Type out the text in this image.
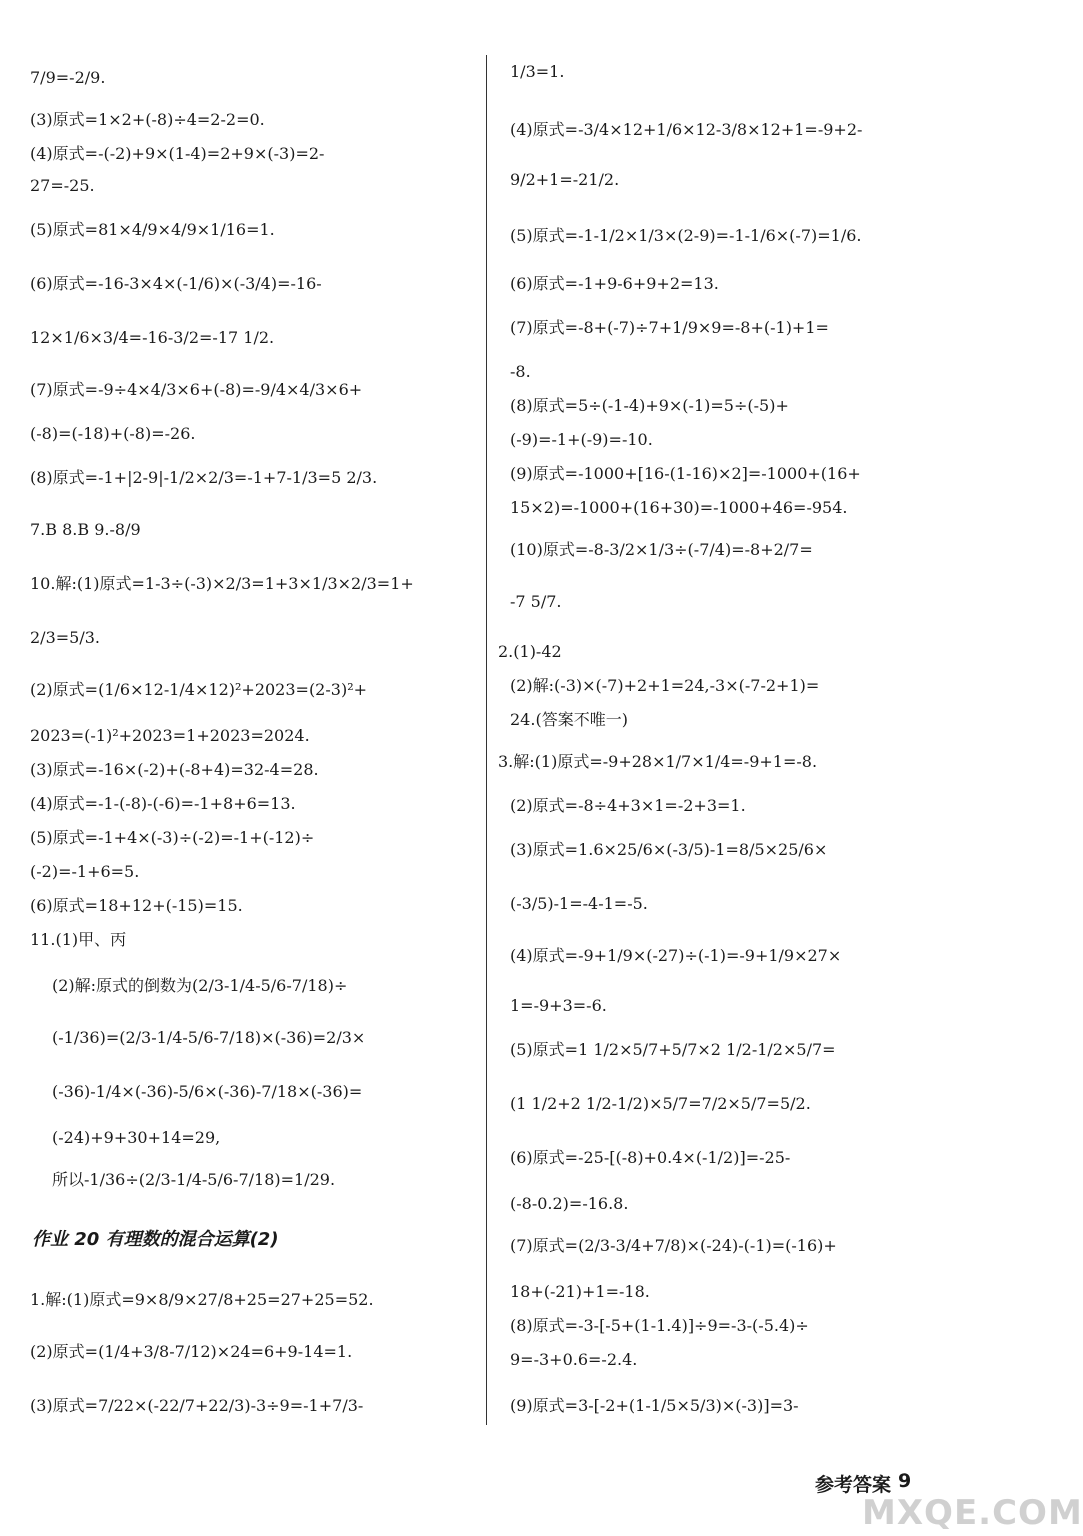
7/9=-2/9.
(3)原式=1×2+(-8)÷4=2-2=0.
(4)原式=-(-2)+9×(1-4)=2+9×(-3)=2-
27=-25.
(5)原式=81×4/9×4/9×1/16=1.
(6)原式=-16-3×4×(-1/6)×(-3/4)=-16-
12×1/6×3/4=-16-3/2=-17 1/2.
(7)原式=-9÷4×4/3×6+(-8)=-9/4×4/3×6+
(-8)=(-18)+(-8)=-26.
(8)原式=-1+|2-9|-1/2×2/3=-1+7-1/3=5 2/3.
7.B 8.B 9.-8/9
10.解:(1)原式=1-3÷(-3)×2/3=1+3×1/3×2/3=1+
2/3=5/3.
(2)原式=(1/6×12-1/4×12)²+2023=(2-3)²+
2023=(-1)²+2023=1+2023=2024.
(3)原式=-16×(-2)+(-8+4)=32-4=28.
(4)原式=-1-(-8)-(-6)=-1+8+6=13.
(5)原式=-1+4×(-3)÷(-2)=-1+(-12)÷
(-2)=-1+6=5.
(6)原式=18+12+(-15)=15.
11.(1)甲、丙
(2)解:原式的倒数为(2/3-1/4-5/6-7/18)÷
(-1/36)=(2/3-1/4-5/6-7/18)×(-36)=2/3×
(-36)-1/4×(-36)-5/6×(-36)-7/18×(-36)=
(-24)+9+30+14=29,
所以-1/36÷(2/3-1/4-5/6-7/18)=1/29.
作业 20 有理数的混合运算(2)
1.解:(1)原式=9×8/9×27/8+25=27+25=52.
(2)原式=(1/4+3/8-7/12)×24=6+9-14=1.
(3)原式=7/22×(-22/7+22/3)-3÷9=-1+7/3-
1/3=1.
(4)原式=-3/4×12+1/6×12-3/8×12+1=-9+2-
9/2+1=-21/2.
(5)原式=-1-1/2×1/3×(2-9)=-1-1/6×(-7)=1/6.
(6)原式=-1+9-6+9+2=13.
(7)原式=-8+(-7)÷7+1/9×9=-8+(-1)+1=
-8.
(8)原式=5÷(-1-4)+9×(-1)=5÷(-5)+
(-9)=-1+(-9)=-10.
(9)原式=-1000+[16-(1-16)×2]=-1000+(16+
15×2)=-1000+(16+30)=-1000+46=-954.
(10)原式=-8-3/2×1/3÷(-7/4)=-8+2/7=
-7 5/7.
2.(1)-42
(2)解:(-3)×(-7)+2+1=24,-3×(-7-2+1)=
24.(答案不唯一)
3.解:(1)原式=-9+28×1/7×1/4=-9+1=-8.
(2)原式=-8÷4+3×1=-2+3=1.
(3)原式=1.6×25/6×(-3/5)-1=8/5×25/6×
(-3/5)-1=-4-1=-5.
(4)原式=-9+1/9×(-27)÷(-1)=-9+1/9×27×
1=-9+3=-6.
(5)原式=1 1/2×5/7+5/7×2 1/2-1/2×5/7=
(1 1/2+2 1/2-1/2)×5/7=7/2×5/7=5/2.
(6)原式=-25-[(-8)+0.4×(-1/2)]=-25-
(-8-0.2)=-16.8.
(7)原式=(2/3-3/4+7/8)×(-24)-(-1)=(-16)+
18+(-21)+1=-18.
(8)原式=-3-[-5+(1-1.4)]÷9=-3-(-5.4)÷
9=-3+0.6=-2.4.
(9)原式=3-[-2+(1-1/5×5/3)×(-3)]=3-
参考答案 9
MXQE.COM
